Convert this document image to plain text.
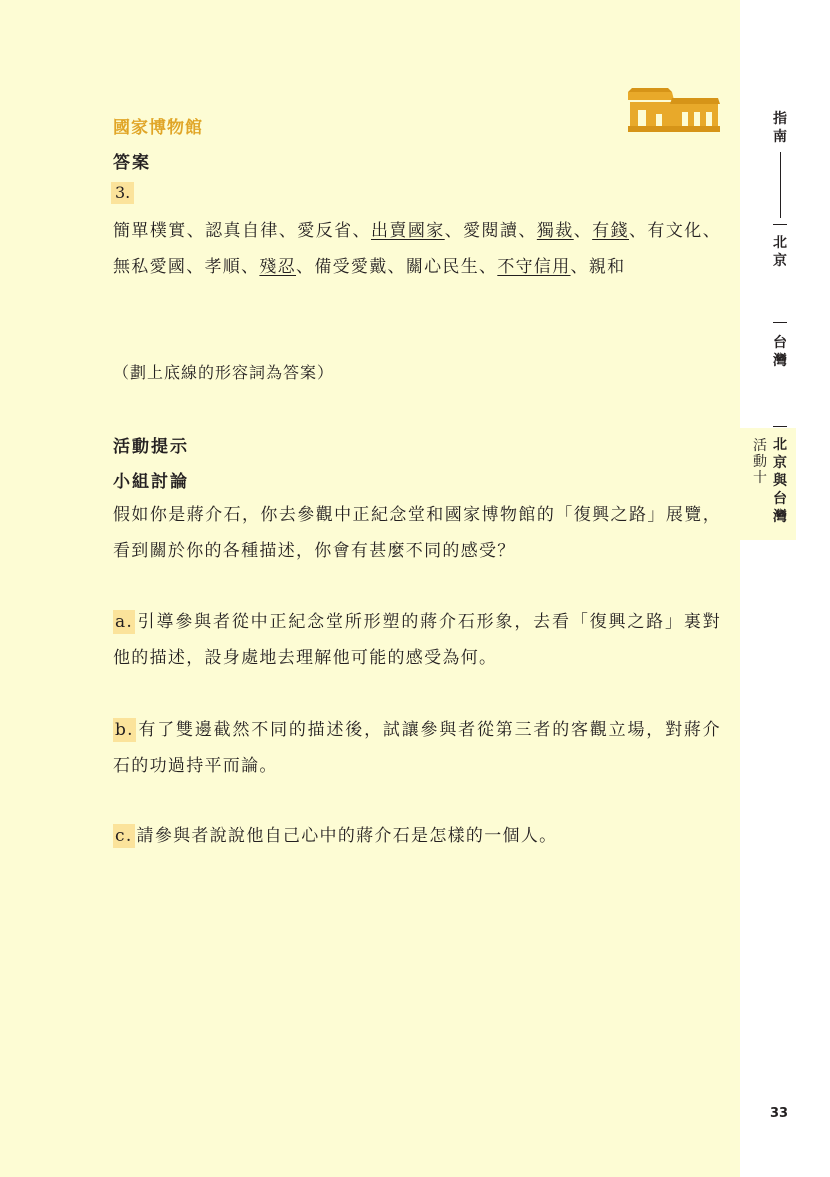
指南
北京
台灣
活動十
北京與台灣
33
國家博物館
答案
3.
簡單樸實、認真自律、愛反省、出賣國家、愛閱讀、獨裁、有錢、有文化、無私愛國、孝順、殘忍、備受愛戴、關心民生、不守信用、親和
（劃上底線的形容詞為答案）
活動提示
小組討論
假如你是蔣介石，你去參觀中正紀念堂和國家博物館的「復興之路」展覽，看到關於你的各種描述，你會有甚麼不同的感受？
a. 引導參與者從中正紀念堂所形塑的蔣介石形象，去看「復興之路」裏對他的描述，設身處地去理解他可能的感受為何。
b. 有了雙邊截然不同的描述後，試讓參與者從第三者的客觀立場，對蔣介石的功過持平而論。
c. 請參與者說說他自己心中的蔣介石是怎樣的一個人。
